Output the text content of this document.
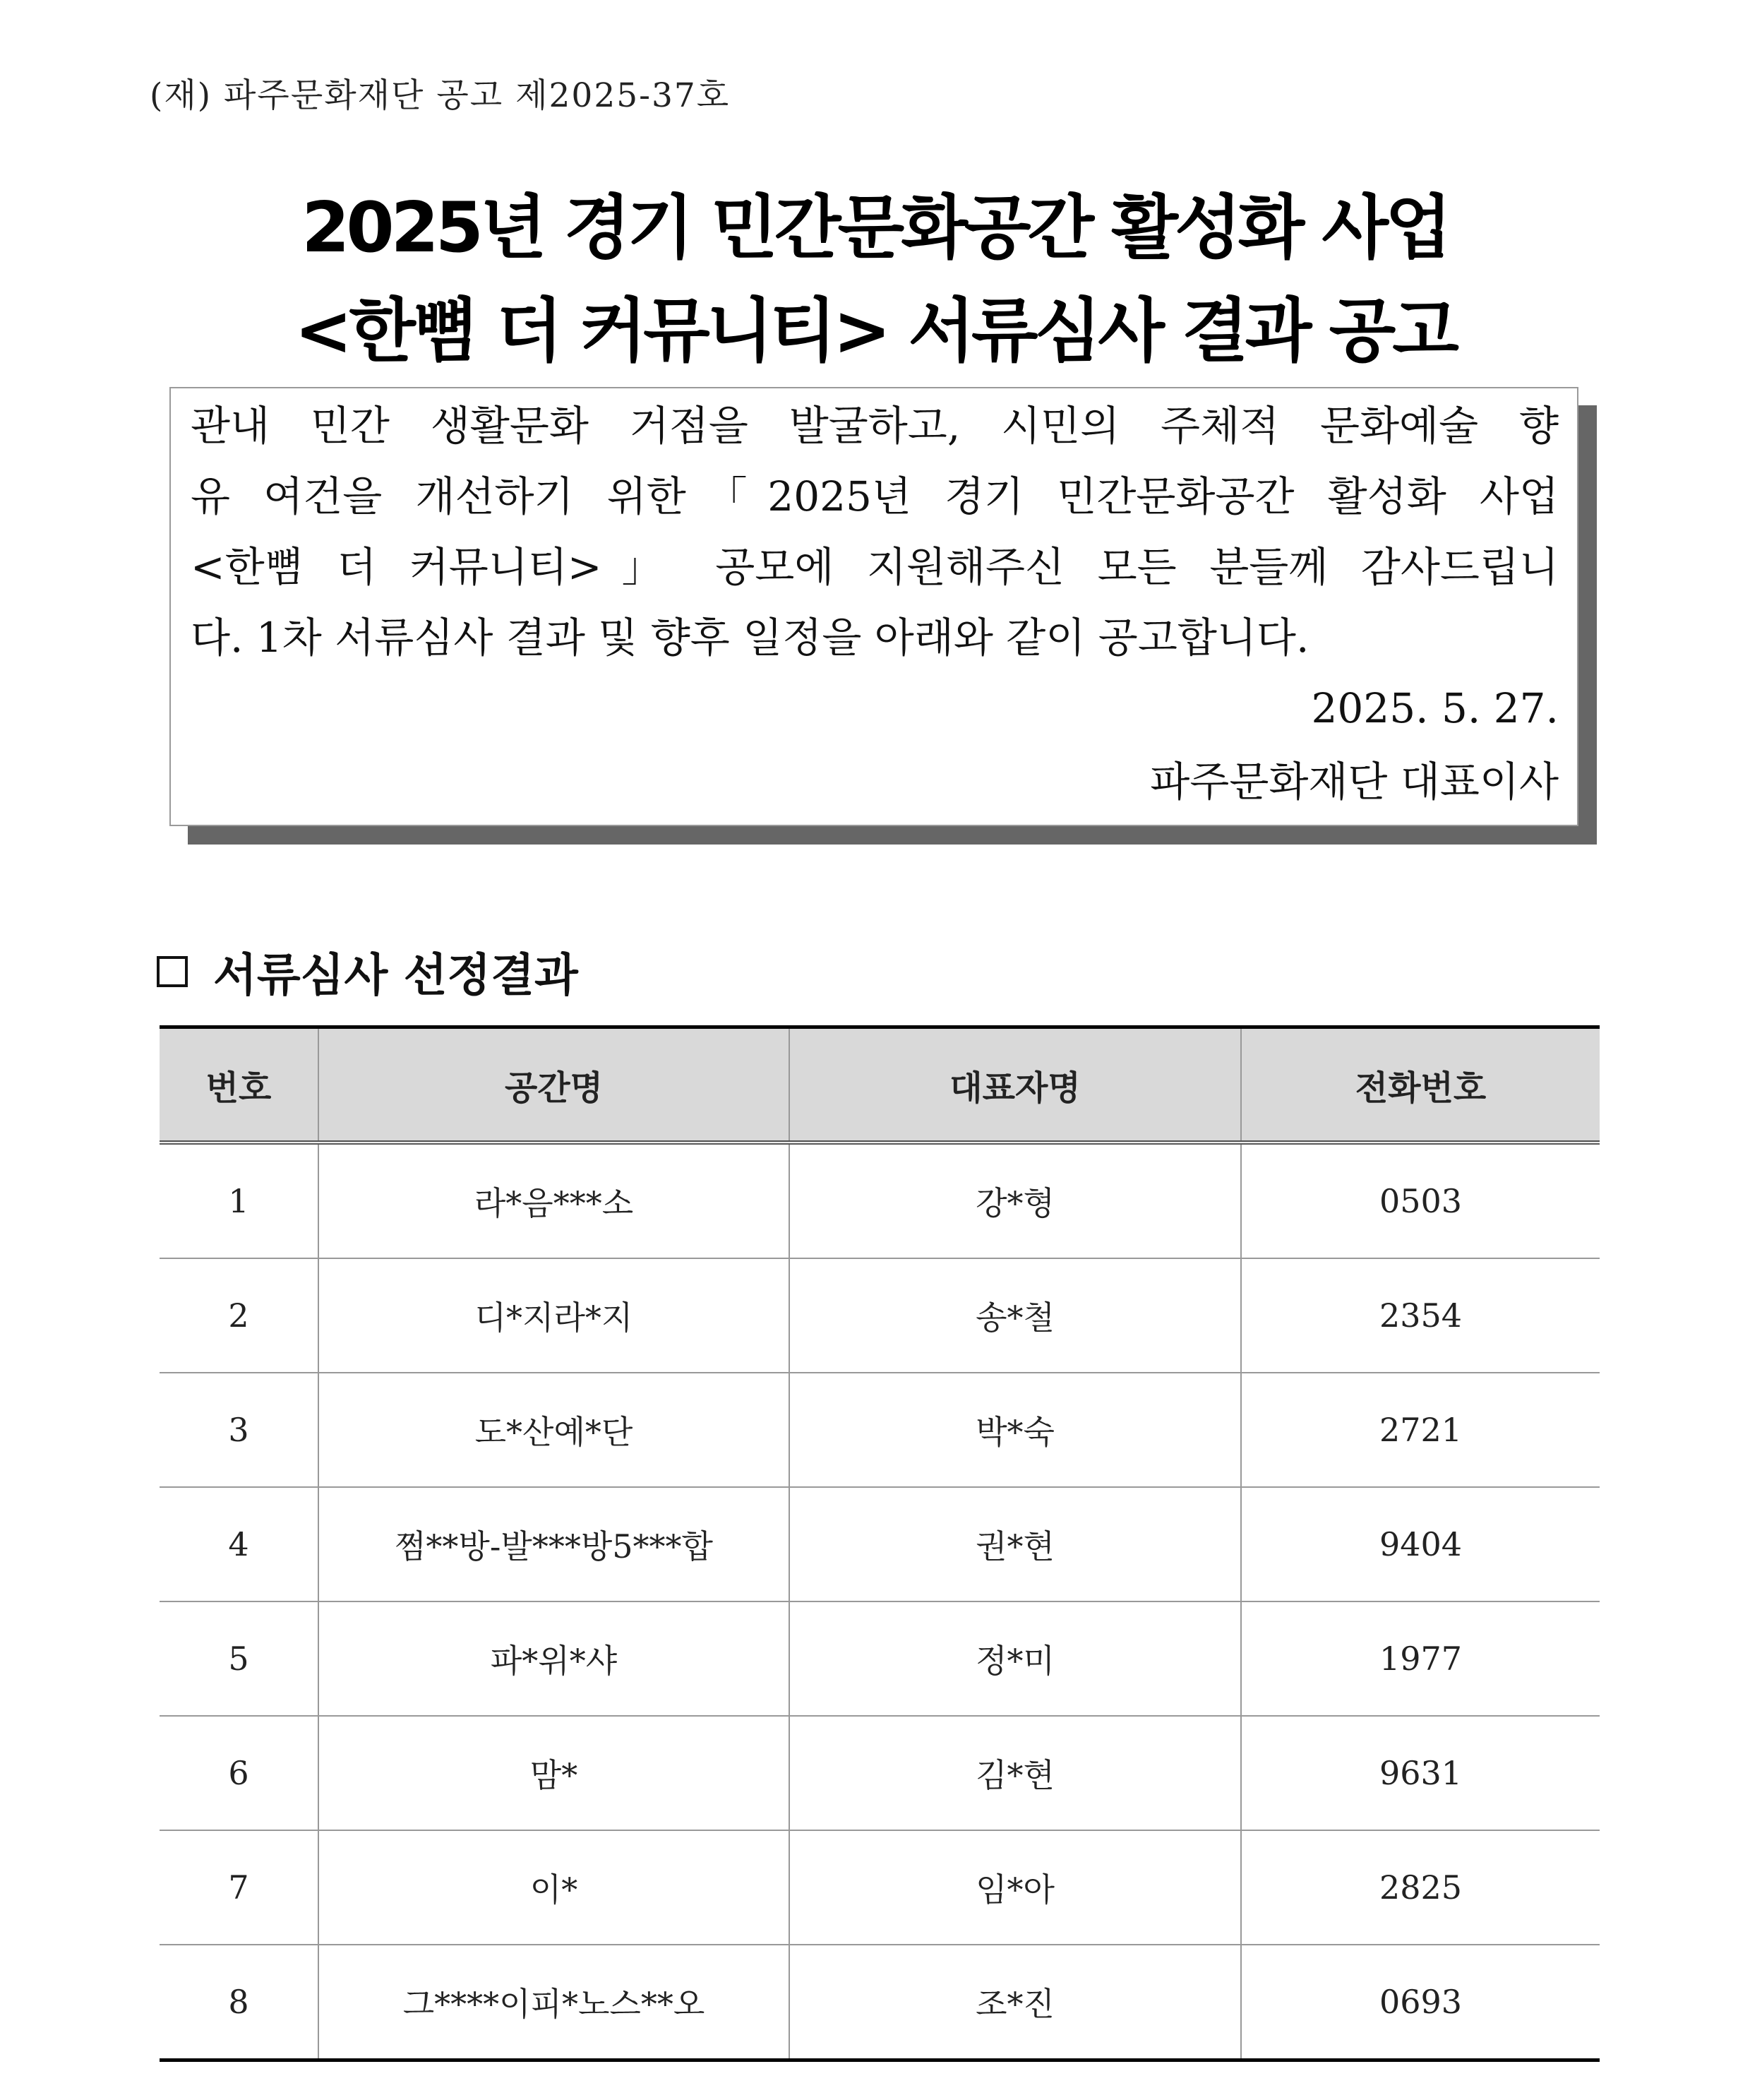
(재) 파주문화재단 공고 제2025-37호
2025년 경기 민간문화공간 활성화 사업
<한뼘 더 커뮤니티> 서류심사 결과 공고
관내 민간 생활문화 거점을 발굴하고, 시민의 주체적 문화예술 향
유 여건을 개선하기 위한「2025년 경기 민간문화공간 활성화 사업
<한뼘 더 커뮤니티>」 공모에 지원해주신 모든 분들께 감사드립니
다. 1차 서류심사 결과 및 향후 일정을 아래와 같이 공고합니다.
2025. 5. 27.
파주문화재단 대표이사
서류심사 선정결과
번호	공간명	대표자명	전화번호
1	라*음***소	강*형	0503
2	디*지라*지	송*철	2354
3	도*산예*단	박*숙	2721
4	쩜**방-발***방5***합	권*현	9404
5	파*위*샤	정*미	1977
6	맘*	김*현	9631
7	이*	임*아	2825
8	그****이피*노스**오	조*진	0693
